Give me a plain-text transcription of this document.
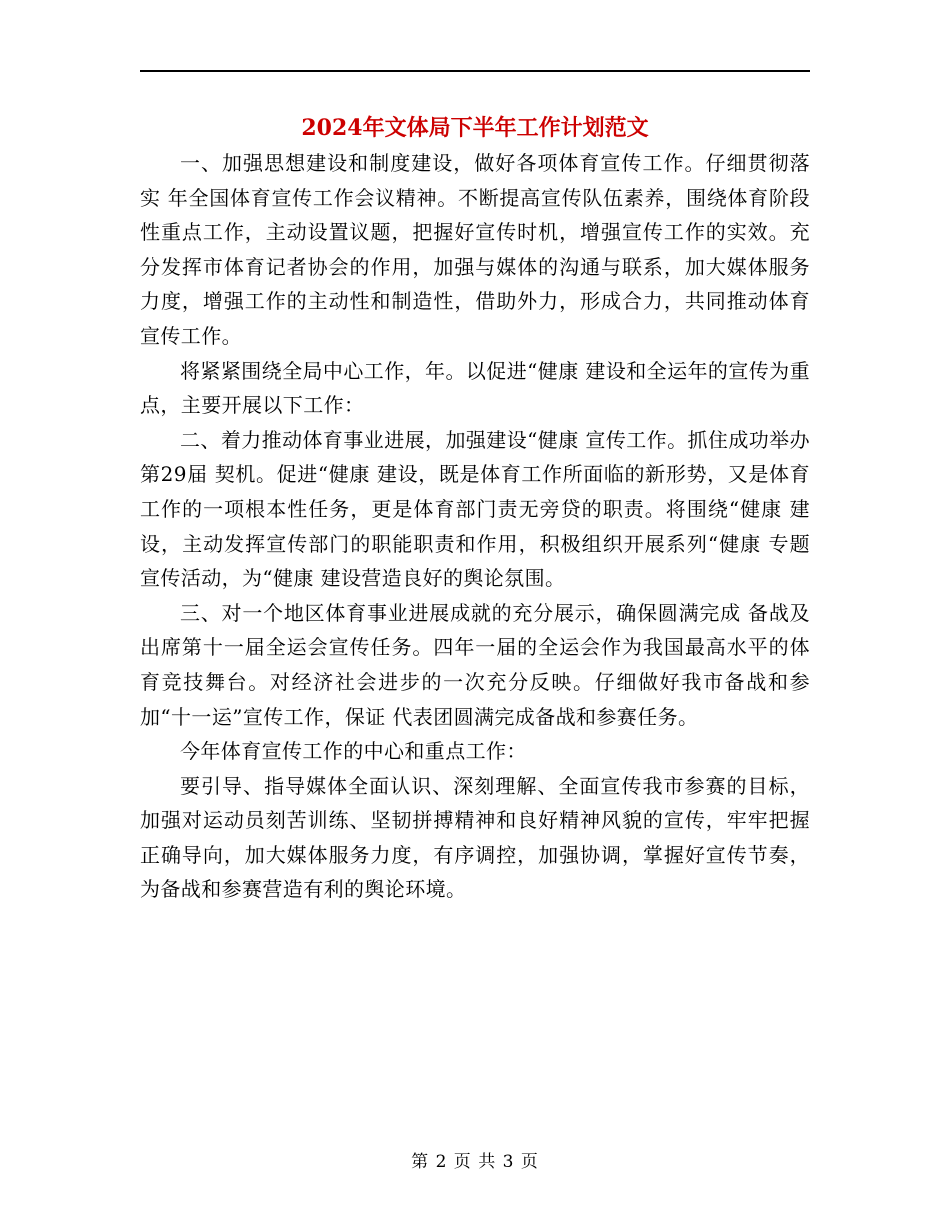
2024年文体局下半年工作计划范文

一、加强思想建设和制度建设，做好各项体育宣传工作。仔细贯彻落实 年全国体育宣传工作会议精神。不断提高宣传队伍素养，围绕体育阶段性重点工作，主动设置议题，把握好宣传时机，增强宣传工作的实效。充分发挥市体育记者协会的作用，加强与媒体的沟通与联系，加大媒体服务力度，增强工作的主动性和制造性，借助外力，形成合力，共同推动体育宣传工作。

将紧紧围绕全局中心工作，年。以促进“健康 建设和全运年的宣传为重点，主要开展以下工作：

二、着力推动体育事业进展，加强建设“健康 宣传工作。抓住成功举办第29届 契机。促进“健康 建设，既是体育工作所面临的新形势，又是体育工作的一项根本性任务，更是体育部门责无旁贷的职责。将围绕“健康 建设，主动发挥宣传部门的职能职责和作用，积极组织开展系列“健康 专题宣传活动，为“健康 建设营造良好的舆论氛围。

三、对一个地区体育事业进展成就的充分展示，确保圆满完成 备战及出席第十一届全运会宣传任务。四年一届的全运会作为我国最高水平的体育竞技舞台。对经济社会进步的一次充分反映。仔细做好我市备战和参加“十一运”宣传工作，保证 代表团圆满完成备战和参赛任务。

今年体育宣传工作的中心和重点工作：

要引导、指导媒体全面认识、深刻理解、全面宣传我市参赛的目标，加强对运动员刻苦训练、坚韧拼搏精神和良好精神风貌的宣传，牢牢把握正确导向，加大媒体服务力度，有序调控，加强协调，掌握好宣传节奏，为备战和参赛营造有利的舆论环境。

第 2 页 共 3 页
